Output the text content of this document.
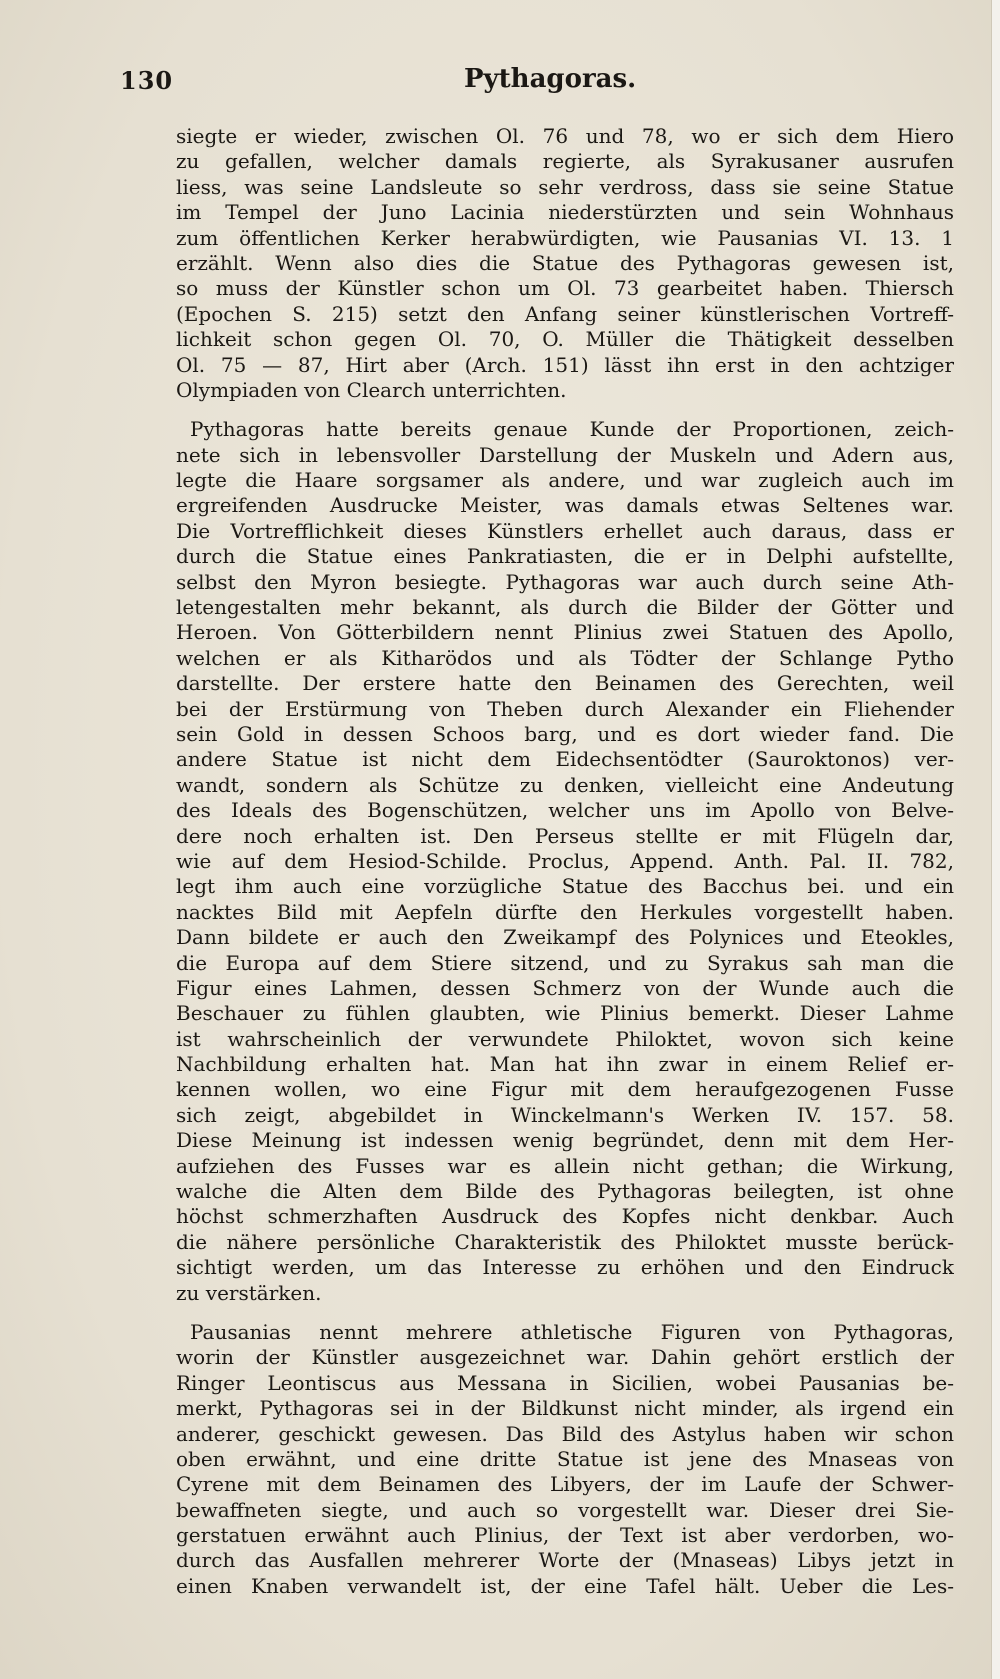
130	Pythagoras.
siegte er wieder, zwischen Ol. 76 und 78, wo er sich dem Hiero
zu gefallen, welcher damals regierte, als Syrakusaner ausrufen
liess, was seine Landsleute so sehr verdross, dass sie seine Statue
im Tempel der Juno Lacinia niederstürzten und sein Wohnhaus
zum öffentlichen Kerker herabwürdigten, wie Pausanias VI. 13. 1
erzählt. Wenn also dies die Statue des Pythagoras gewesen ist,
so muss der Künstler schon um Ol. 73 gearbeitet haben. Thiersch
(Epochen S. 215) setzt den Anfang seiner künstlerischen Vortreff-
lichkeit schon gegen Ol. 70, O. Müller die Thätigkeit desselben
Ol. 75 — 87, Hirt aber (Arch. 151) lässt ihn erst in den achtziger
Olympiaden von Clearch unterrichten.
Pythagoras hatte bereits genaue Kunde der Proportionen, zeich-
nete sich in lebensvoller Darstellung der Muskeln und Adern aus,
legte die Haare sorgsamer als andere, und war zugleich auch im
ergreifenden Ausdrucke Meister, was damals etwas Seltenes war.
Die Vortrefflichkeit dieses Künstlers erhellet auch daraus, dass er
durch die Statue eines Pankratiasten, die er in Delphi aufstellte,
selbst den Myron besiegte. Pythagoras war auch durch seine Ath-
letengestalten mehr bekannt, als durch die Bilder der Götter und
Heroen. Von Götterbildern nennt Plinius zwei Statuen des Apollo,
welchen er als Kitharödos und als Tödter der Schlange Pytho
darstellte. Der erstere hatte den Beinamen des Gerechten, weil
bei der Erstürmung von Theben durch Alexander ein Fliehender
sein Gold in dessen Schoos barg, und es dort wieder fand. Die
andere Statue ist nicht dem Eidechsentödter (Sauroktonos) ver-
wandt, sondern als Schütze zu denken, vielleicht eine Andeutung
des Ideals des Bogenschützen, welcher uns im Apollo von Belve-
dere noch erhalten ist. Den Perseus stellte er mit Flügeln dar,
wie auf dem Hesiod-Schilde. Proclus, Append. Anth. Pal. II. 782,
legt ihm auch eine vorzügliche Statue des Bacchus bei. und ein
nacktes Bild mit Aepfeln dürfte den Herkules vorgestellt haben.
Dann bildete er auch den Zweikampf des Polynices und Eteokles,
die Europa auf dem Stiere sitzend, und zu Syrakus sah man die
Figur eines Lahmen, dessen Schmerz von der Wunde auch die
Beschauer zu fühlen glaubten, wie Plinius bemerkt. Dieser Lahme
ist wahrscheinlich der verwundete Philoktet, wovon sich keine
Nachbildung erhalten hat. Man hat ihn zwar in einem Relief er-
kennen wollen, wo eine Figur mit dem heraufgezogenen Fusse
sich zeigt, abgebildet in Winckelmann's Werken IV. 157. 58.
Diese Meinung ist indessen wenig begründet, denn mit dem Her-
aufziehen des Fusses war es allein nicht gethan; die Wirkung,
walche die Alten dem Bilde des Pythagoras beilegten, ist ohne
höchst schmerzhaften Ausdruck des Kopfes nicht denkbar. Auch
die nähere persönliche Charakteristik des Philoktet musste berück-
sichtigt werden, um das Interesse zu erhöhen und den Eindruck
zu verstärken.
Pausanias nennt mehrere athletische Figuren von Pythagoras,
worin der Künstler ausgezeichnet war. Dahin gehört erstlich der
Ringer Leontiscus aus Messana in Sicilien, wobei Pausanias be-
merkt, Pythagoras sei in der Bildkunst nicht minder, als irgend ein
anderer, geschickt gewesen. Das Bild des Astylus haben wir schon
oben erwähnt, und eine dritte Statue ist jene des Mnaseas von
Cyrene mit dem Beinamen des Libyers, der im Laufe der Schwer-
bewaffneten siegte, und auch so vorgestellt war. Dieser drei Sie-
gerstatuen erwähnt auch Plinius, der Text ist aber verdorben, wo-
durch das Ausfallen mehrerer Worte der (Mnaseas) Libys jetzt in
einen Knaben verwandelt ist, der eine Tafel hält. Ueber die Les-
